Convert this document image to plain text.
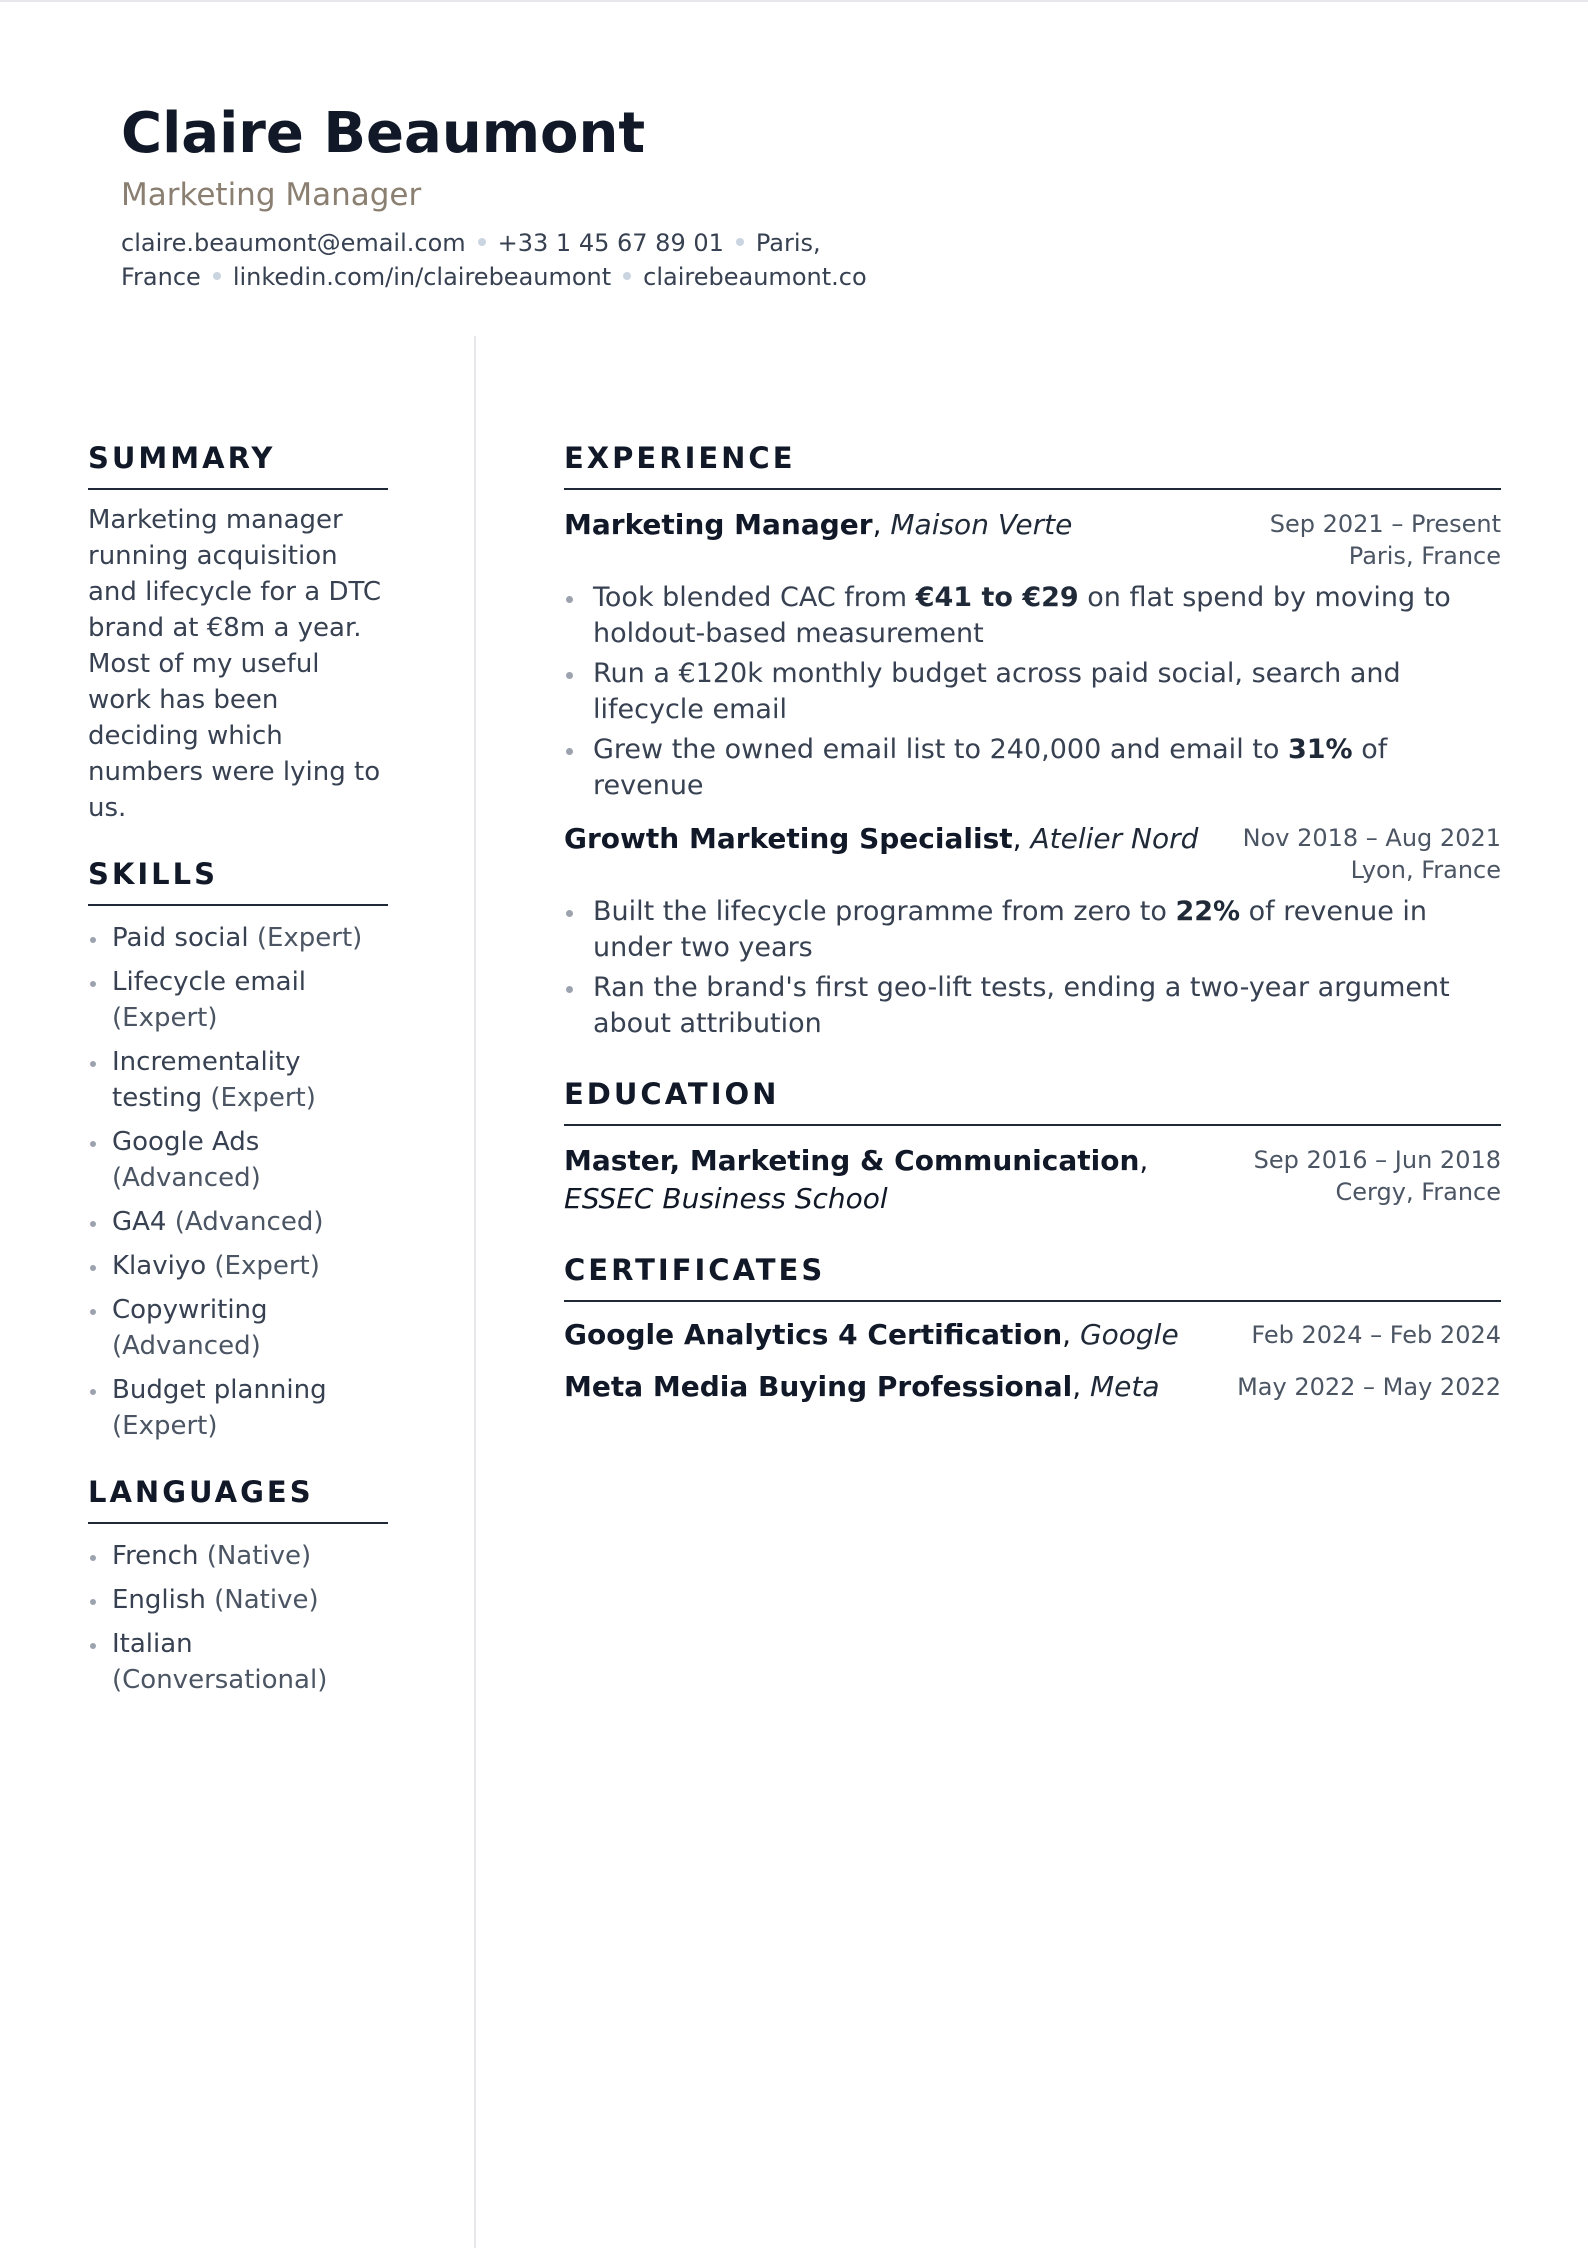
Claire Beaumont
Marketing Manager
claire.beaumont@email.com +33 1 45 67 89 01 Paris, France linkedin.com/in/clairebeaumont clairebeaumont.co
SUMMARY

Marketing manager running acquisition and lifecycle for a DTC brand at €8m a year. Most of my useful work has been deciding which numbers were lying to us.

SKILLS
Paid social (Expert)
Lifecycle email (Expert)
Incrementality testing (Expert)
Google Ads (Advanced)
GA4 (Advanced)
Klaviyo (Expert)
Copywriting (Advanced)
Budget planning (Expert)
LANGUAGES
French (Native)
English (Native)
Italian (Conversational)
EXPERIENCE
Marketing Manager, Maison Verte	Sep 2021 – Present
Paris, France
Took blended CAC from €41 to €29 on flat spend by moving to holdout-based measurement
Run a €120k monthly budget across paid social, search and lifecycle email
Grew the owned email list to 240,000 and email to 31% of revenue
Growth Marketing Specialist, Atelier Nord Nov 2018 – Aug 2021
Lyon, France
Built the lifecycle programme from zero to 22% of revenue in under two years
Ran the brand's first geo-lift tests, ending a two-year argument about attribution
EDUCATION
Master, Marketing & Communication,
ESSEC Business School
Sep 2016 – Jun 2018
Cergy, France
CERTIFICATES
Google Analytics 4 Certification, Google	Feb 2024 – Feb 2024
Meta Media Buying Professional, Meta	May 2022 – May 2022
